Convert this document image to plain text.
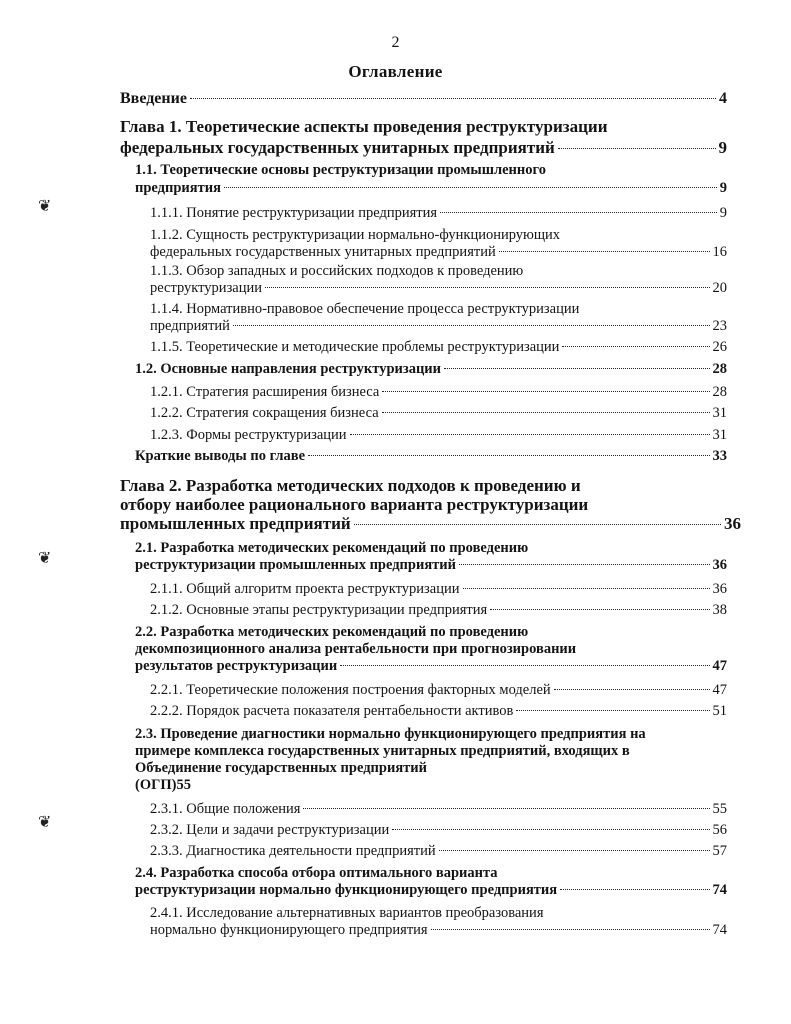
2
Оглавление
Введение	4
Глава 1. Теоретические аспекты проведения реструктуризации
федеральных государственных унитарных предприятий	9
1.1. Теоретические основы реструктуризации промышленного
предприятия	9
1.1.1. Понятие реструктуризации предприятия	9
1.1.2. Сущность реструктуризации нормально-функционирующих
федеральных государственных унитарных предприятий	16
1.1.3. Обзор западных и российских подходов к проведению
реструктуризации	20
1.1.4. Нормативно-правовое обеспечение процесса реструктуризации
предприятий	23
1.1.5. Теоретические и методические проблемы реструктуризации	26
1.2. Основные направления реструктуризации	28
1.2.1. Стратегия расширения бизнеса	28
1.2.2. Стратегия сокращения бизнеса	31
1.2.3. Формы реструктуризации	31
Краткие выводы по главе	33
Глава 2. Разработка методических подходов к проведению и
отбору наиболее рационального варианта реструктуризации
промышленных предприятий	36
2.1. Разработка методических рекомендаций по проведению
реструктуризации промышленных предприятий	36
2.1.1. Общий алгоритм проекта реструктуризации	36
2.1.2. Основные этапы реструктуризации предприятия	38
2.2. Разработка методических рекомендаций по проведению
декомпозиционного анализа рентабельности при прогнозировании
результатов реструктуризации	47
2.2.1. Теоретические положения построения факторных моделей	47
2.2.2. Порядок расчета показателя рентабельности активов	51
2.3. Проведение диагностики нормально функционирующего предприятия на
примере комплекса государственных унитарных предприятий, входящих в
Объединение государственных предприятий
(ОГП)55
2.3.1. Общие положения	55
2.3.2. Цели и задачи реструктуризации	56
2.3.3. Диагностика деятельности предприятий	57
2.4. Разработка способа отбора оптимального варианта
реструктуризации нормально функционирующего предприятия	74
2.4.1. Исследование альтернативных вариантов преобразования
нормально функционирующего предприятия	74
❦
❦
❦
